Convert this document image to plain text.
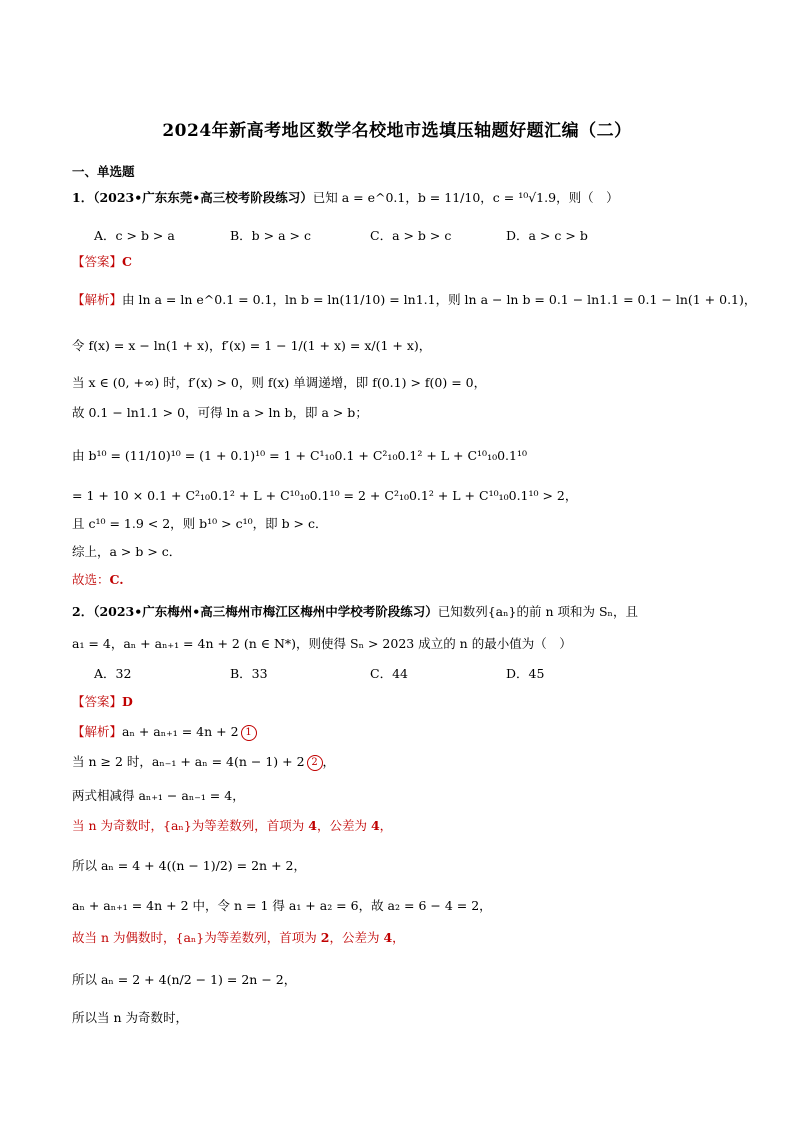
2024年新高考地区数学名校地市选填压轴题好题汇编（二）
一、单选题
1．（2023•广东东莞•高三校考阶段练习）已知 a = e^0.1，b = 11/10，c = ¹⁰√1.9，则（　）
A．c > b > a	B．b > a > c	C．a > b > c	D．a > c > b
【答案】C
【解析】由 ln a = ln e^0.1 = 0.1，ln b = ln(11/10) = ln1.1，则 ln a − ln b = 0.1 − ln1.1 = 0.1 − ln(1 + 0.1)，
令 f(x) = x − ln(1 + x)，f′(x) = 1 − 1/(1 + x) = x/(1 + x)，
当 x ∈ (0, +∞) 时，f′(x) > 0，则 f(x) 单调递增，即 f(0.1) > f(0) = 0，
故 0.1 − ln1.1 > 0，可得 ln a > ln b，即 a > b；
由 b¹⁰ = (11/10)¹⁰ = (1 + 0.1)¹⁰ = 1 + C¹₁₀0.1 + C²₁₀0.1² + L + C¹⁰₁₀0.1¹⁰
= 1 + 10 × 0.1 + C²₁₀0.1² + L + C¹⁰₁₀0.1¹⁰ = 2 + C²₁₀0.1² + L + C¹⁰₁₀0.1¹⁰ > 2，
且 c¹⁰ = 1.9 < 2，则 b¹⁰ > c¹⁰，即 b > c．
综上，a > b > c．
故选：C.
2．（2023•广东梅州•高三梅州市梅江区梅州中学校考阶段练习）已知数列{aₙ}的前 n 项和为 Sₙ，且
a₁ = 4，aₙ + aₙ₊₁ = 4n + 2 (n ∈ N*)，则使得 Sₙ > 2023 成立的 n 的最小值为（　）
A．32	B．33	C．44	D．45
【答案】D
【解析】aₙ + aₙ₊₁ = 4n + 2 1
当 n ≥ 2 时，aₙ₋₁ + aₙ = 4(n − 1) + 2 2 ，
两式相减得 aₙ₊₁ − aₙ₋₁ = 4，
当 n 为奇数时，{aₙ}为等差数列，首项为 4，公差为 4，
所以 aₙ = 4 + 4((n − 1)/2) = 2n + 2，
aₙ + aₙ₊₁ = 4n + 2 中，令 n = 1 得 a₁ + a₂ = 6，故 a₂ = 6 − 4 = 2，
故当 n 为偶数时，{aₙ}为等差数列，首项为 2，公差为 4，
所以 aₙ = 2 + 4(n/2 − 1) = 2n − 2，
所以当 n 为奇数时，
